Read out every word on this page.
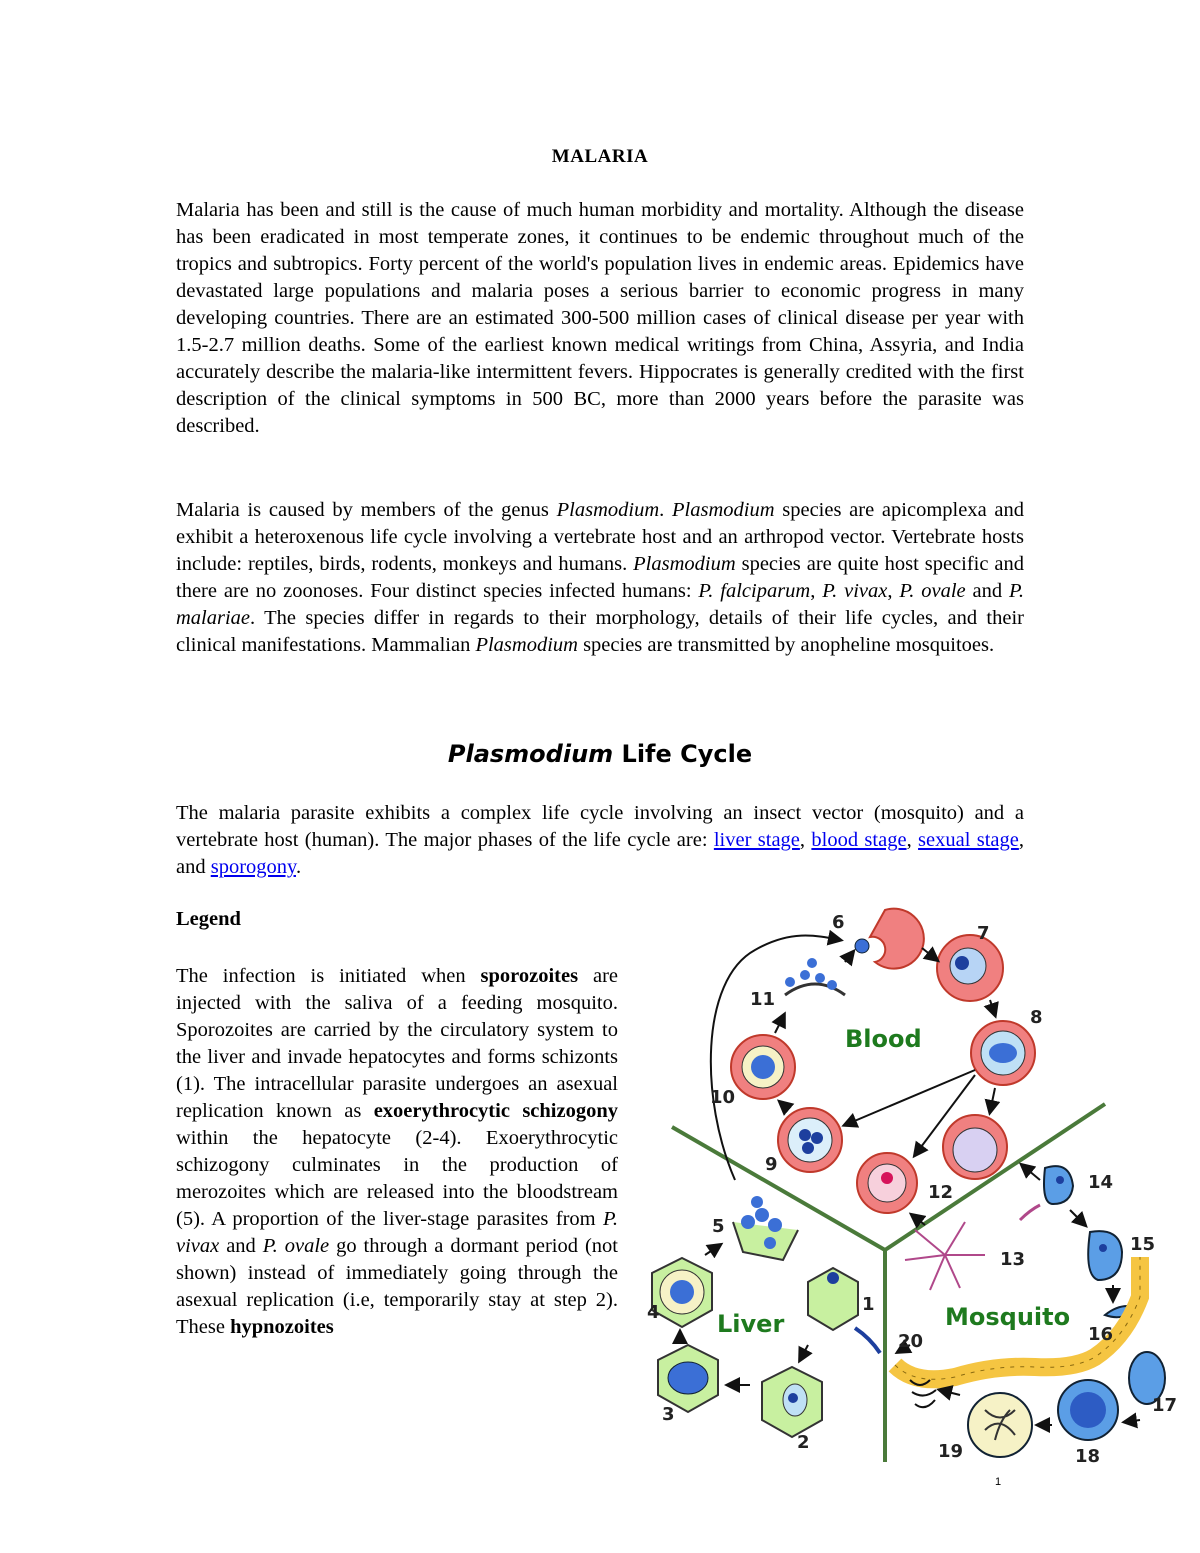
MALARIA

Malaria has been and still is the cause of much human morbidity and mortality. Although the disease has been eradicated in most temperate zones, it continues to be endemic throughout much of the tropics and subtropics. Forty percent of the world's population lives in endemic areas. Epidemics have devastated large populations and malaria poses a serious barrier to economic progress in many developing countries. There are an estimated 300-500 million cases of clinical disease per year with 1.5-2.7 million deaths. Some of the earliest known medical writings from China, Assyria, and India accurately describe the malaria-like intermittent fevers. Hippocrates is generally credited with the first description of the clinical symptoms in 500 BC, more than 2000 years before the parasite was described.

Malaria is caused by members of the genus Plasmodium. Plasmodium species are apicomplexa and exhibit a heteroxenous life cycle involving a vertebrate host and an arthropod vector. Vertebrate hosts include: reptiles, birds, rodents, monkeys and humans. Plasmodium species are quite host specific and there are no zoonoses. Four distinct species infected humans: P. falciparum, P. vivax, P. ovale and P. malariae. The species differ in regards to their morphology, details of their life cycles, and their clinical manifestations. Mammalian Plasmodium species are transmitted by anopheline mosquitoes.

Plasmodium Life Cycle

The malaria parasite exhibits a complex life cycle involving an insect vector (mosquito) and a vertebrate host (human). The major phases of the life cycle are: liver stage, blood stage, sexual stage, and sporogony.

Legend

The infection is initiated when sporozoites are injected with the saliva of a feeding mosquito. Sporozoites are carried by the circulatory system to the liver and invade hepatocytes and forms schizonts (1). The intracellular parasite undergoes an asexual replication known as exoerythrocytic schizogony within the hepatocyte (2-4). Exoerythrocytic schizogony culminates in the production of merozoites which are released into the bloodstream (5). A proportion of the liver-stage parasites from P. vivax and P. ovale go through a dormant period (not shown) instead of immediately going through the asexual replication (i.e, temporarily stay at step 2). These hypnozoites

Blood
Liver	Mosquito
1
2
3
4
5
6
7
8
9
10
11
12
13
14
15
16
17
18
19
20
1
